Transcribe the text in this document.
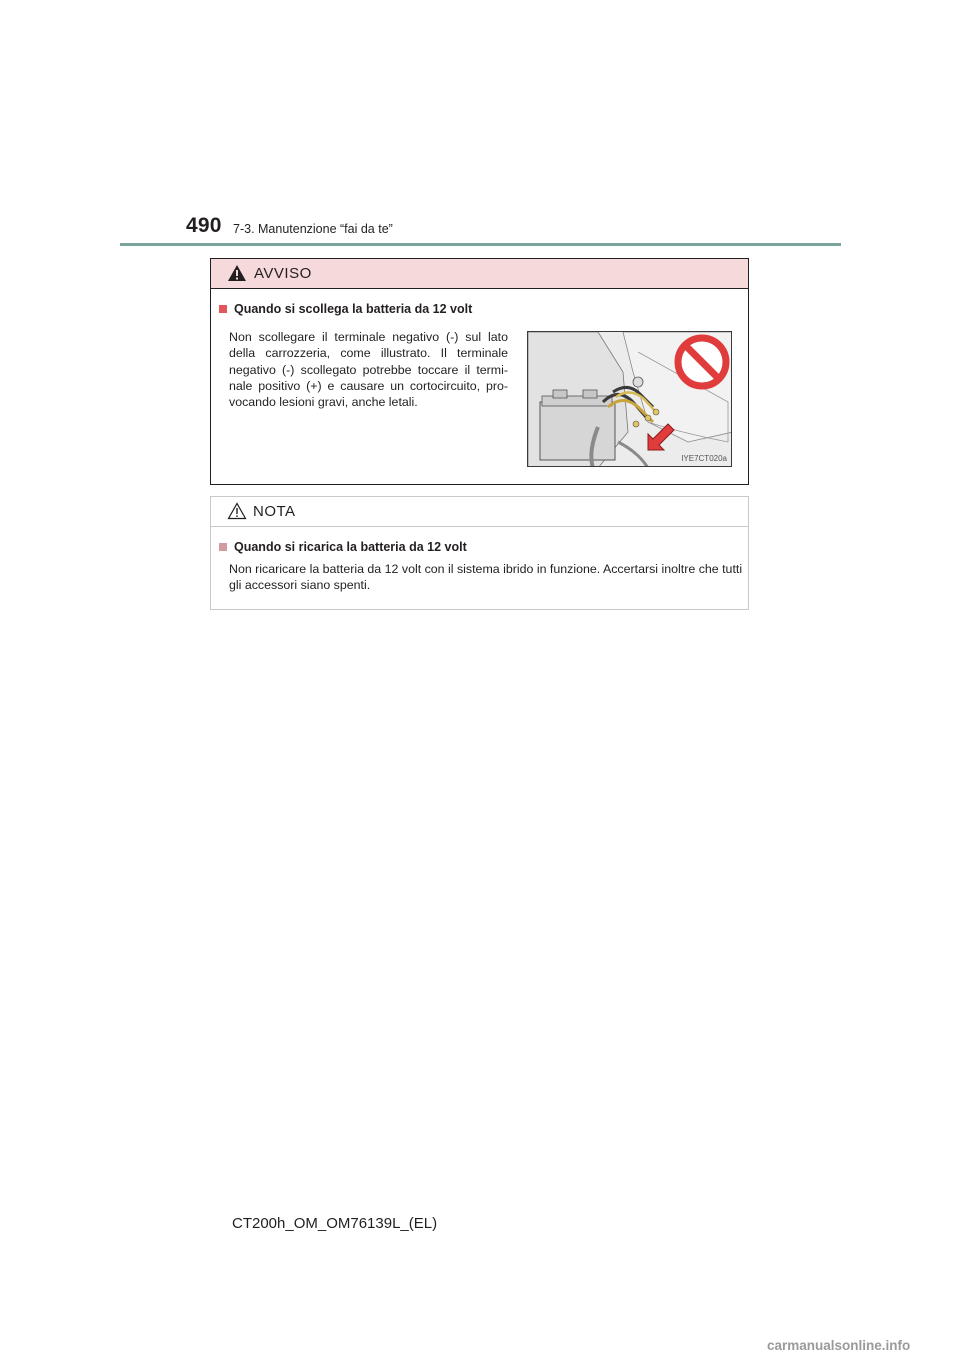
490 7-3. Manutenzione “fai da te”
AVVISO
Quando si scollega la batteria da 12 volt
Non scollegare il terminale negativo (-) sul lato della carrozzeria, come illustrato. Il terminale negativo (-) scollegato potrebbe toccare il termi-nale positivo (+) e causare un cortocircuito, pro-vocando lesioni gravi, anche letali.
IYE7CT020a
NOTA
Quando si ricarica la batteria da 12 volt
Non ricaricare la batteria da 12 volt con il sistema ibrido in funzione. Accertarsi inoltre che tutti gli accessori siano spenti.
CT200h_OM_OM76139L_(EL)
carmanualsonline.info
